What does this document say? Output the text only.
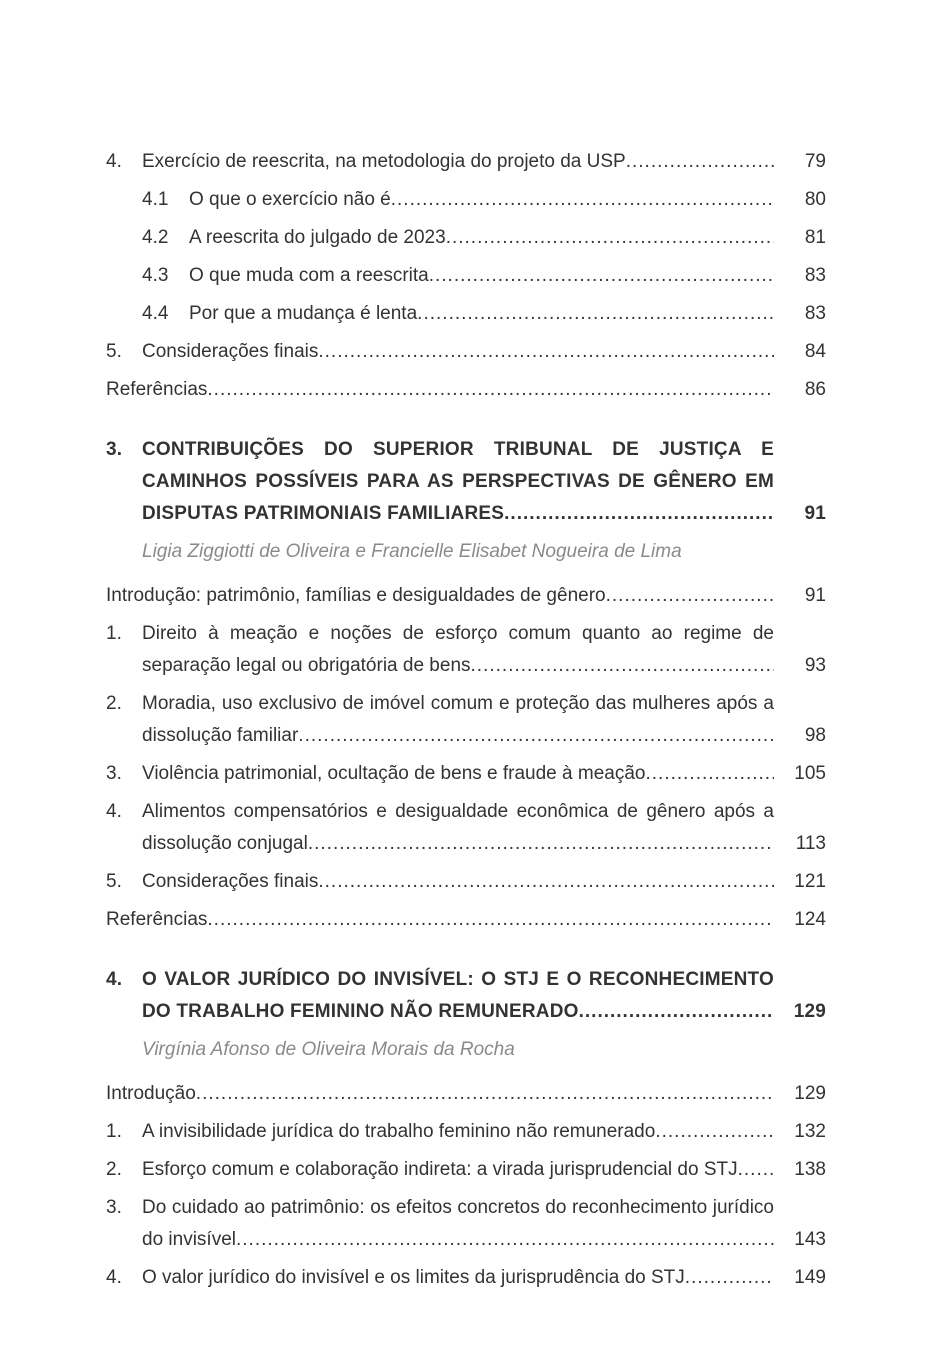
4.	Exercício de reescrita, na metodologia do projeto da USP .....	79
4.1	O que o exercício não é .....	80
4.2	A reescrita do julgado de 2023 .....	81
4.3	O que muda com a reescrita .....	83
4.4	Por que a mudança é lenta .....	83
5.	Considerações finais .....	84
Referências .....	86
3.	CONTRIBUIÇÕES DO SUPERIOR TRIBUNAL DE JUSTIÇA E CAMINHOS POSSÍVEIS PARA AS PERSPECTIVAS DE GÊNERO EM DISPUTAS PATRIMONIAIS FAMILIARES .....	91
Ligia Ziggiotti de Oliveira e Francielle Elisabet Nogueira de Lima
Introdução: patrimônio, famílias e desigualdades de gênero .....	91
1.	Direito à meação e noções de esforço comum quanto ao regime de separação legal ou obrigatória de bens .....	93
2.	Moradia, uso exclusivo de imóvel comum e proteção das mulheres após a dissolução familiar .....	98
3.	Violência patrimonial, ocultação de bens e fraude à meação .....	105
4.	Alimentos compensatórios e desigualdade econômica de gênero após a dissolução conjugal .....	113
5.	Considerações finais .....	121
Referências .....	124
4.	O VALOR JURÍDICO DO INVISÍVEL: O STJ E O RECONHECIMENTO DO TRABALHO FEMININO NÃO REMUNERADO .....	129
Virgínia Afonso de Oliveira Morais da Rocha
Introdução .....	129
1.	A invisibilidade jurídica do trabalho feminino não remunerado .....	132
2.	Esforço comum e colaboração indireta: a virada jurisprudencial do STJ .....	138
3.	Do cuidado ao patrimônio: os efeitos concretos do reconhecimento jurídico do invisível .....	143
4.	O valor jurídico do invisível e os limites da jurisprudência do STJ .....	149
